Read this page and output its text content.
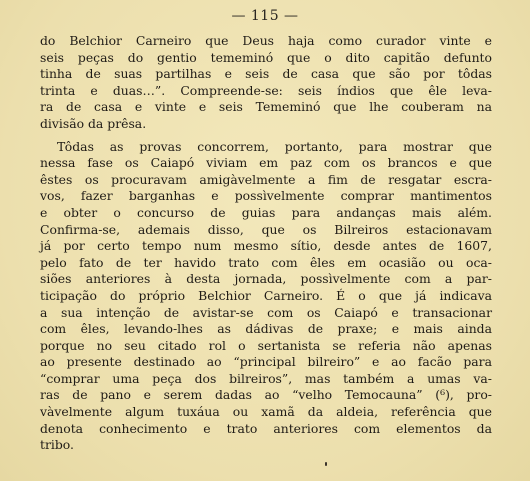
— 115 —
do Belchior Carneiro que Deus haja como curador vinte e
seis peças do gentio tememinó que o dito capitão defunto
tinha de suas partilhas e seis de casa que são por tôdas
trinta e duas…”. Compreende-se: seis índios que êle leva-
ra de casa e vinte e seis Tememinó que lhe couberam na
divisão da prêsa.
Tôdas as provas concorrem, portanto, para mostrar que
nessa fase os Caiapó viviam em paz com os brancos e que
êstes os procuravam amigàvelmente a fim de resgatar escra-
vos, fazer barganhas e possìvelmente comprar mantimentos
e obter o concurso de guias para andanças mais além.
Confirma-se, ademais disso, que os Bilreiros estacionavam
já por certo tempo num mesmo sítio, desde antes de 1607,
pelo fato de ter havido trato com êles em ocasião ou oca-
siões anteriores à desta jornada, possìvelmente com a par-
ticipação do próprio Belchior Carneiro. É o que já indicava
a sua intenção de avistar-se com os Caiapó e transacionar
com êles, levando-lhes as dádivas de praxe; e mais ainda
porque no seu citado rol o sertanista se referia não apenas
ao presente destinado ao “principal bilreiro” e ao facão para
“comprar uma peça dos bilreiros”, mas também a umas va-
ras de pano e serem dadas ao “velho Temocauna” (⁶), pro-
vàvelmente algum tuxáua ou xamã da aldeia, referência que
denota conhecimento e trato anteriores com elementos da
tribo.
